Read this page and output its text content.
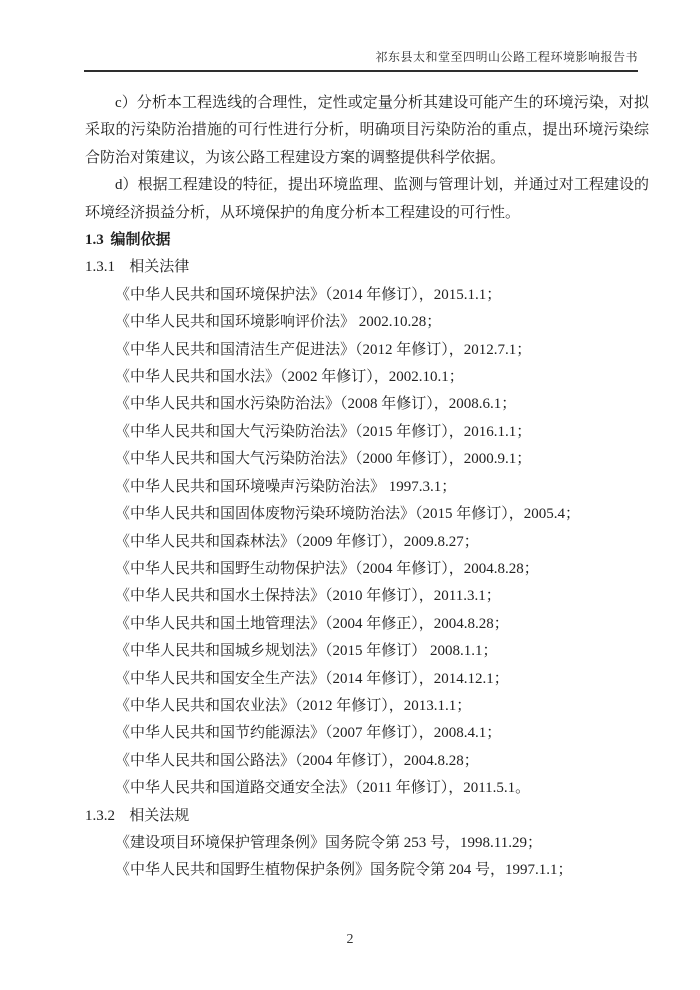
祁东县太和堂至四明山公路工程环境影响报告书

c）分析本工程选线的合理性，定性或定量分析其建设可能产生的环境污染，对拟采取的污染防治措施的可行性进行分析，明确项目污染防治的重点，提出环境污染综合防治对策建议，为该公路工程建设方案的调整提供科学依据。

d）根据工程建设的特征，提出环境监理、监测与管理计划，并通过对工程建设的环境经济损益分析，从环境保护的角度分析本工程建设的可行性。

1.3 编制依据
1.3.1 相关法律
《中华人民共和国环境保护法》（2014 年修订），2015.1.1；
《中华人民共和国环境影响评价法》 2002.10.28；
《中华人民共和国清洁生产促进法》（2012 年修订），2012.7.1；
《中华人民共和国水法》（2002 年修订），2002.10.1；
《中华人民共和国水污染防治法》（2008 年修订），2008.6.1；
《中华人民共和国大气污染防治法》（2015 年修订），2016.1.1；
《中华人民共和国大气污染防治法》（2000 年修订），2000.9.1；
《中华人民共和国环境噪声污染防治法》 1997.3.1；
《中华人民共和国固体废物污染环境防治法》（2015 年修订），2005.4；
《中华人民共和国森林法》（2009 年修订），2009.8.27；
《中华人民共和国野生动物保护法》（2004 年修订），2004.8.28；
《中华人民共和国水土保持法》（2010 年修订），2011.3.1；
《中华人民共和国土地管理法》（2004 年修正），2004.8.28；
《中华人民共和国城乡规划法》（2015 年修订） 2008.1.1；
《中华人民共和国安全生产法》（2014 年修订），2014.12.1；
《中华人民共和国农业法》（2012 年修订），2013.1.1；
《中华人民共和国节约能源法》（2007 年修订），2008.4.1；
《中华人民共和国公路法》（2004 年修订），2004.8.28；
《中华人民共和国道路交通安全法》（2011 年修订），2011.5.1。
1.3.2 相关法规
《建设项目环境保护管理条例》国务院令第 253 号，1998.11.29；
《中华人民共和国野生植物保护条例》国务院令第 204 号，1997.1.1；
2
